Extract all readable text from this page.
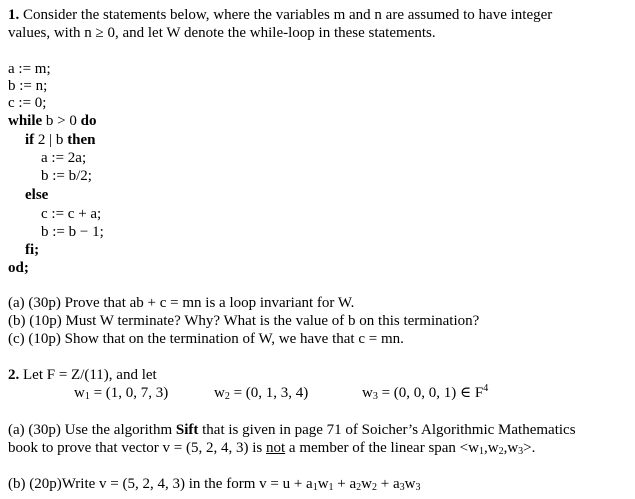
1. Consider the statements below, where the variables m and n are assumed to have integer
values, with n ≥ 0, and let W denote the while-loop in these statements.
a := m;
b := n;
c := 0;
while b > 0 do
if 2 | b then
a := 2a;
b := b/2;
else
c := c + a;
b := b − 1;
fi;
od;
(a) (30p) Prove that ab + c = mn is a loop invariant for W.
(b) (10p) Must W terminate? Why? What is the value of b on this termination?
(c) (10p) Show that on the termination of W, we have that c = mn.
2. Let F = Z/(11), and let
$w_1 = (1$, 0, 7, 3)	$w_2 = (0$, 1, 3, 4)	$w_3 = (0$, 0, 0, 1) ∈ $F^4$
(a) (30p) Use the algorithm Sift that is given in page 71 of Soicher’s Algorithmic Mathematics
book to prove that vector v = (5, 2, 4, 3) is not a member of the linear span $<w_1,w_2,w_3>$.
(b) (20p)Write v = (5, 2, 4, 3) in the form $v = u + a_1w_1 + a_2w_2 + a_3w_3$
